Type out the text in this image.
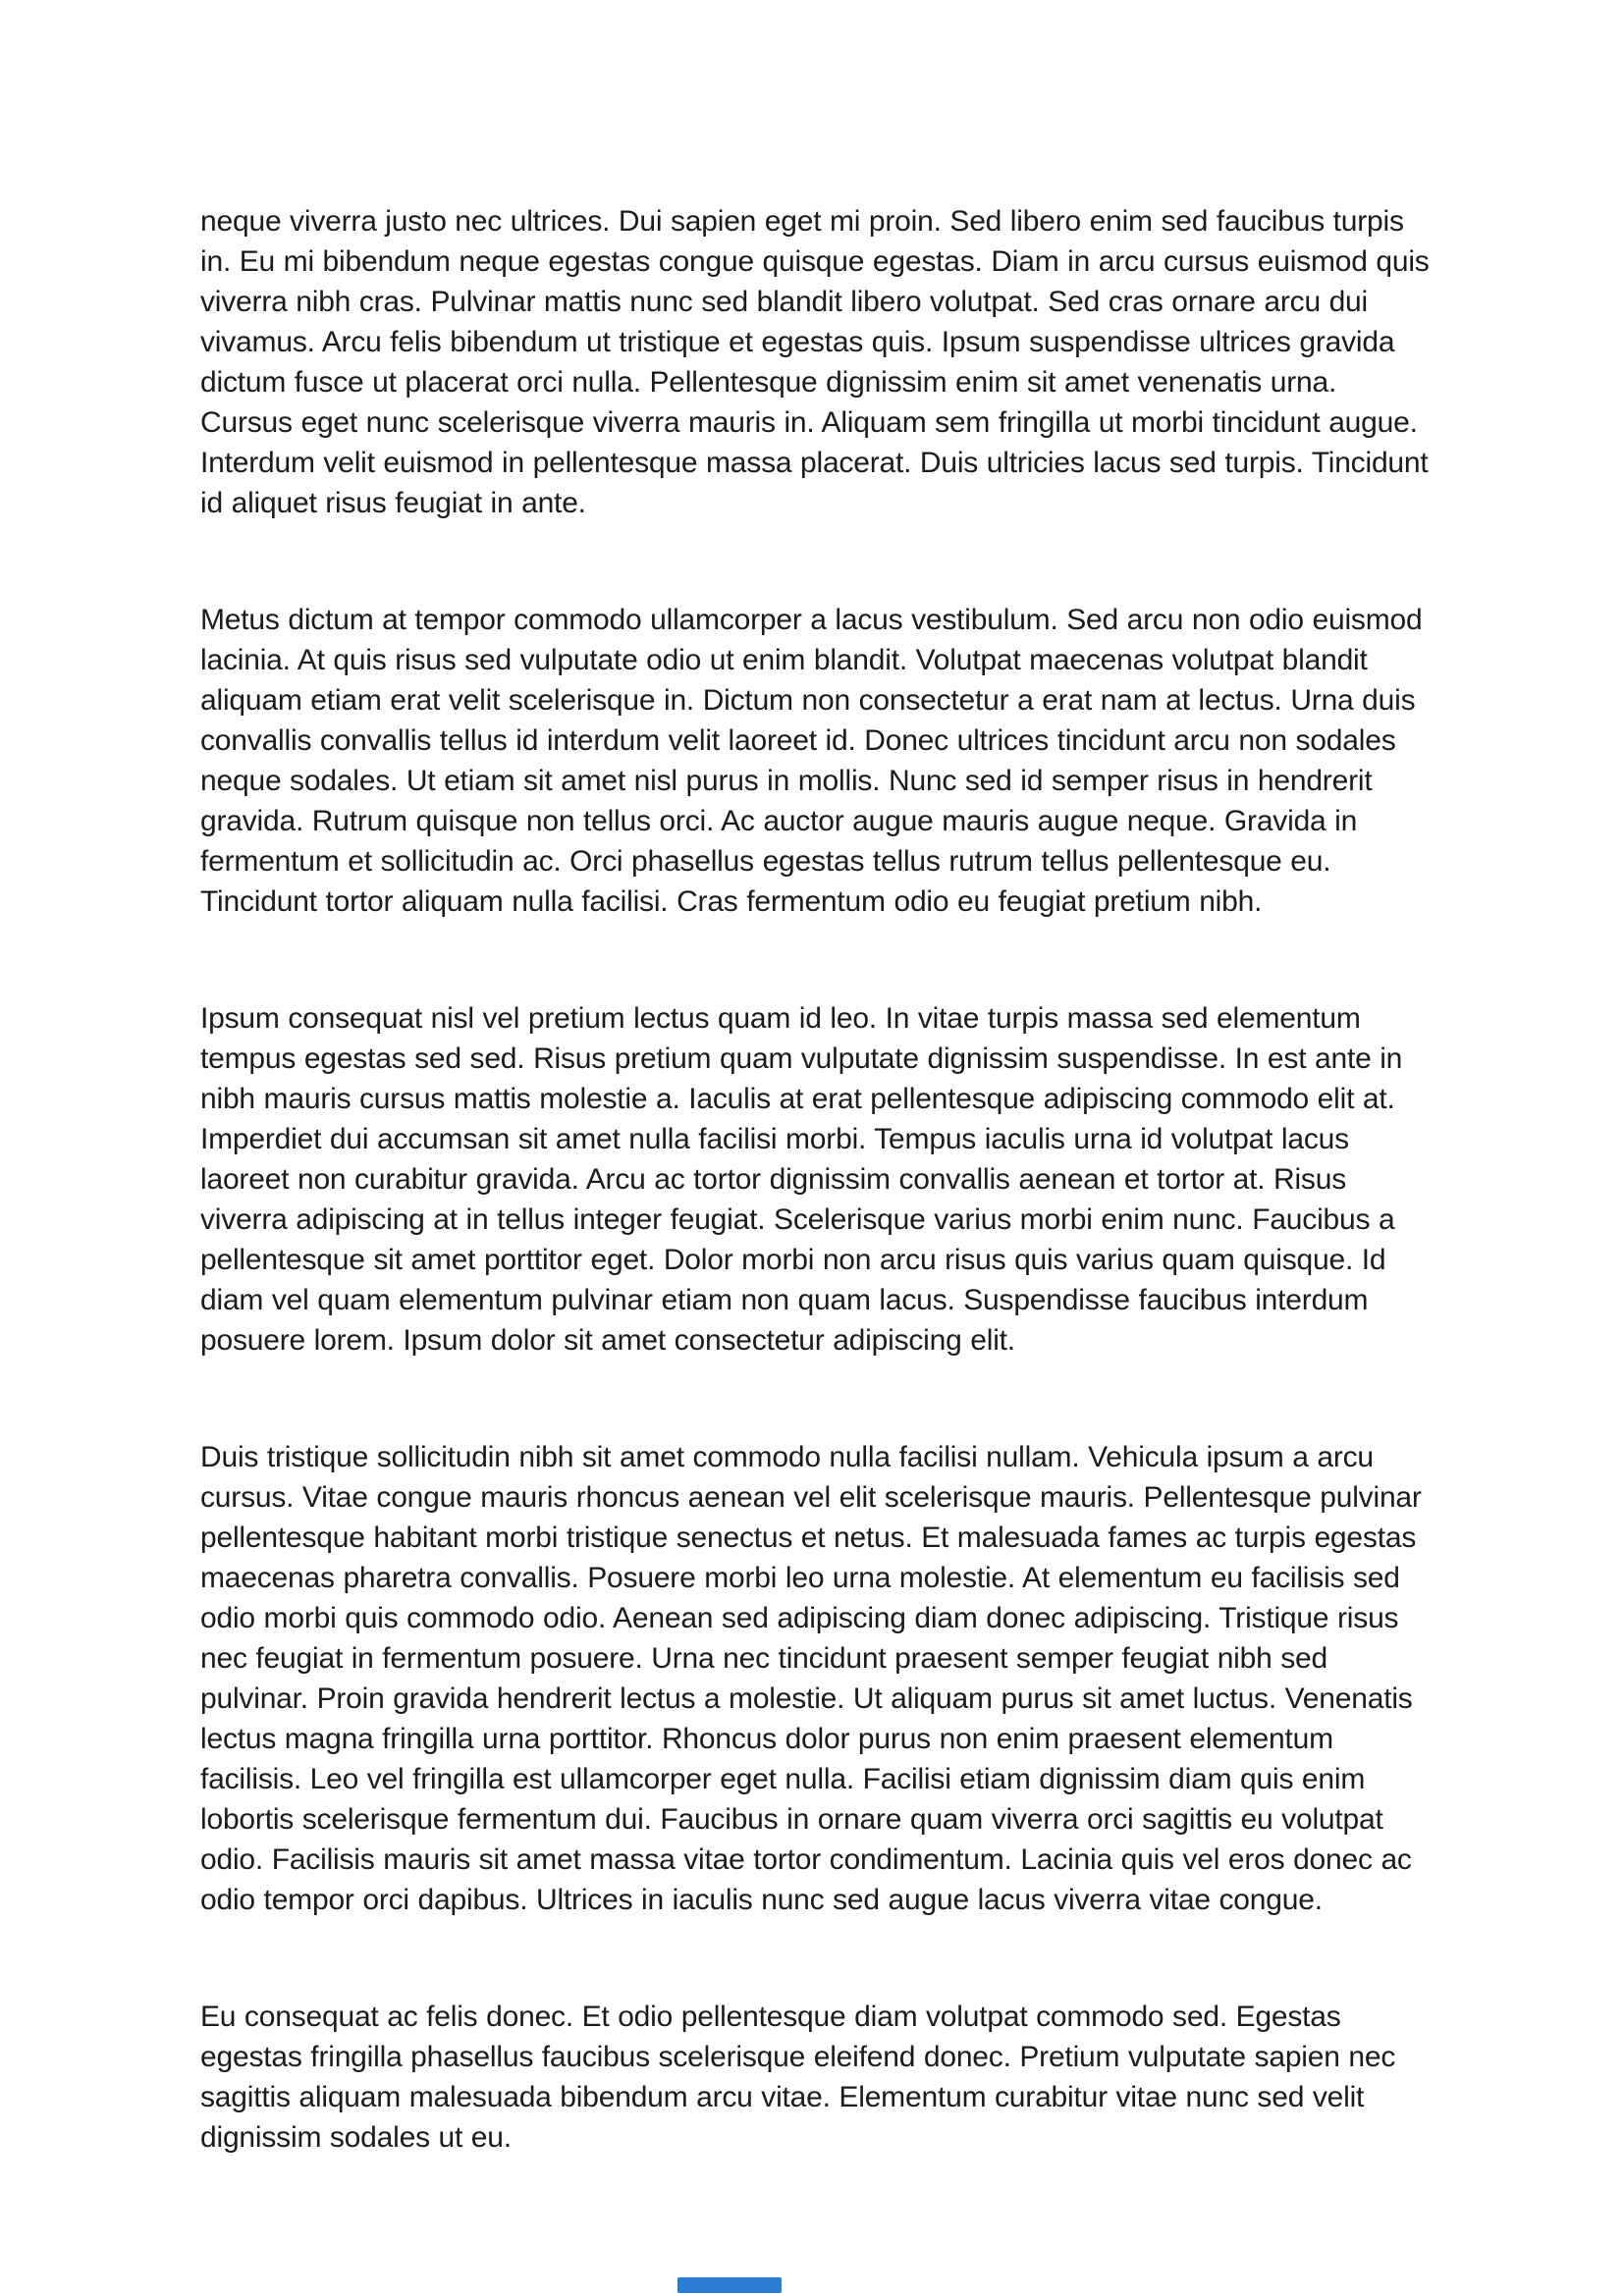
neque viverra justo nec ultrices. Dui sapien eget mi proin. Sed libero enim sed faucibus turpis in. Eu mi bibendum neque egestas congue quisque egestas. Diam in arcu cursus euismod quis viverra nibh cras. Pulvinar mattis nunc sed blandit libero volutpat. Sed cras ornare arcu dui vivamus. Arcu felis bibendum ut tristique et egestas quis. Ipsum suspendisse ultrices gravida dictum fusce ut placerat orci nulla. Pellentesque dignissim enim sit amet venenatis urna. Cursus eget nunc scelerisque viverra mauris in. Aliquam sem fringilla ut morbi tincidunt augue. Interdum velit euismod in pellentesque massa placerat. Duis ultricies lacus sed turpis. Tincidunt id aliquet risus feugiat in ante.

Metus dictum at tempor commodo ullamcorper a lacus vestibulum. Sed arcu non odio euismod lacinia. At quis risus sed vulputate odio ut enim blandit. Volutpat maecenas volutpat blandit aliquam etiam erat velit scelerisque in. Dictum non consectetur a erat nam at lectus. Urna duis convallis convallis tellus id interdum velit laoreet id. Donec ultrices tincidunt arcu non sodales neque sodales. Ut etiam sit amet nisl purus in mollis. Nunc sed id semper risus in hendrerit gravida. Rutrum quisque non tellus orci. Ac auctor augue mauris augue neque. Gravida in fermentum et sollicitudin ac. Orci phasellus egestas tellus rutrum tellus pellentesque eu. Tincidunt tortor aliquam nulla facilisi. Cras fermentum odio eu feugiat pretium nibh.

Ipsum consequat nisl vel pretium lectus quam id leo. In vitae turpis massa sed elementum tempus egestas sed sed. Risus pretium quam vulputate dignissim suspendisse. In est ante in nibh mauris cursus mattis molestie a. Iaculis at erat pellentesque adipiscing commodo elit at. Imperdiet dui accumsan sit amet nulla facilisi morbi. Tempus iaculis urna id volutpat lacus laoreet non curabitur gravida. Arcu ac tortor dignissim convallis aenean et tortor at. Risus viverra adipiscing at in tellus integer feugiat. Scelerisque varius morbi enim nunc. Faucibus a pellentesque sit amet porttitor eget. Dolor morbi non arcu risus quis varius quam quisque. Id diam vel quam elementum pulvinar etiam non quam lacus. Suspendisse faucibus interdum posuere lorem. Ipsum dolor sit amet consectetur adipiscing elit.

Duis tristique sollicitudin nibh sit amet commodo nulla facilisi nullam. Vehicula ipsum a arcu cursus. Vitae congue mauris rhoncus aenean vel elit scelerisque mauris. Pellentesque pulvinar pellentesque habitant morbi tristique senectus et netus. Et malesuada fames ac turpis egestas maecenas pharetra convallis. Posuere morbi leo urna molestie. At elementum eu facilisis sed odio morbi quis commodo odio. Aenean sed adipiscing diam donec adipiscing. Tristique risus nec feugiat in fermentum posuere. Urna nec tincidunt praesent semper feugiat nibh sed pulvinar. Proin gravida hendrerit lectus a molestie. Ut aliquam purus sit amet luctus. Venenatis lectus magna fringilla urna porttitor. Rhoncus dolor purus non enim praesent elementum facilisis. Leo vel fringilla est ullamcorper eget nulla. Facilisi etiam dignissim diam quis enim lobortis scelerisque fermentum dui. Faucibus in ornare quam viverra orci sagittis eu volutpat odio. Facilisis mauris sit amet massa vitae tortor condimentum. Lacinia quis vel eros donec ac odio tempor orci dapibus. Ultrices in iaculis nunc sed augue lacus viverra vitae congue.

Eu consequat ac felis donec. Et odio pellentesque diam volutpat commodo sed. Egestas egestas fringilla phasellus faucibus scelerisque eleifend donec. Pretium vulputate sapien nec sagittis aliquam malesuada bibendum arcu vitae. Elementum curabitur vitae nunc sed velit dignissim sodales ut eu.
